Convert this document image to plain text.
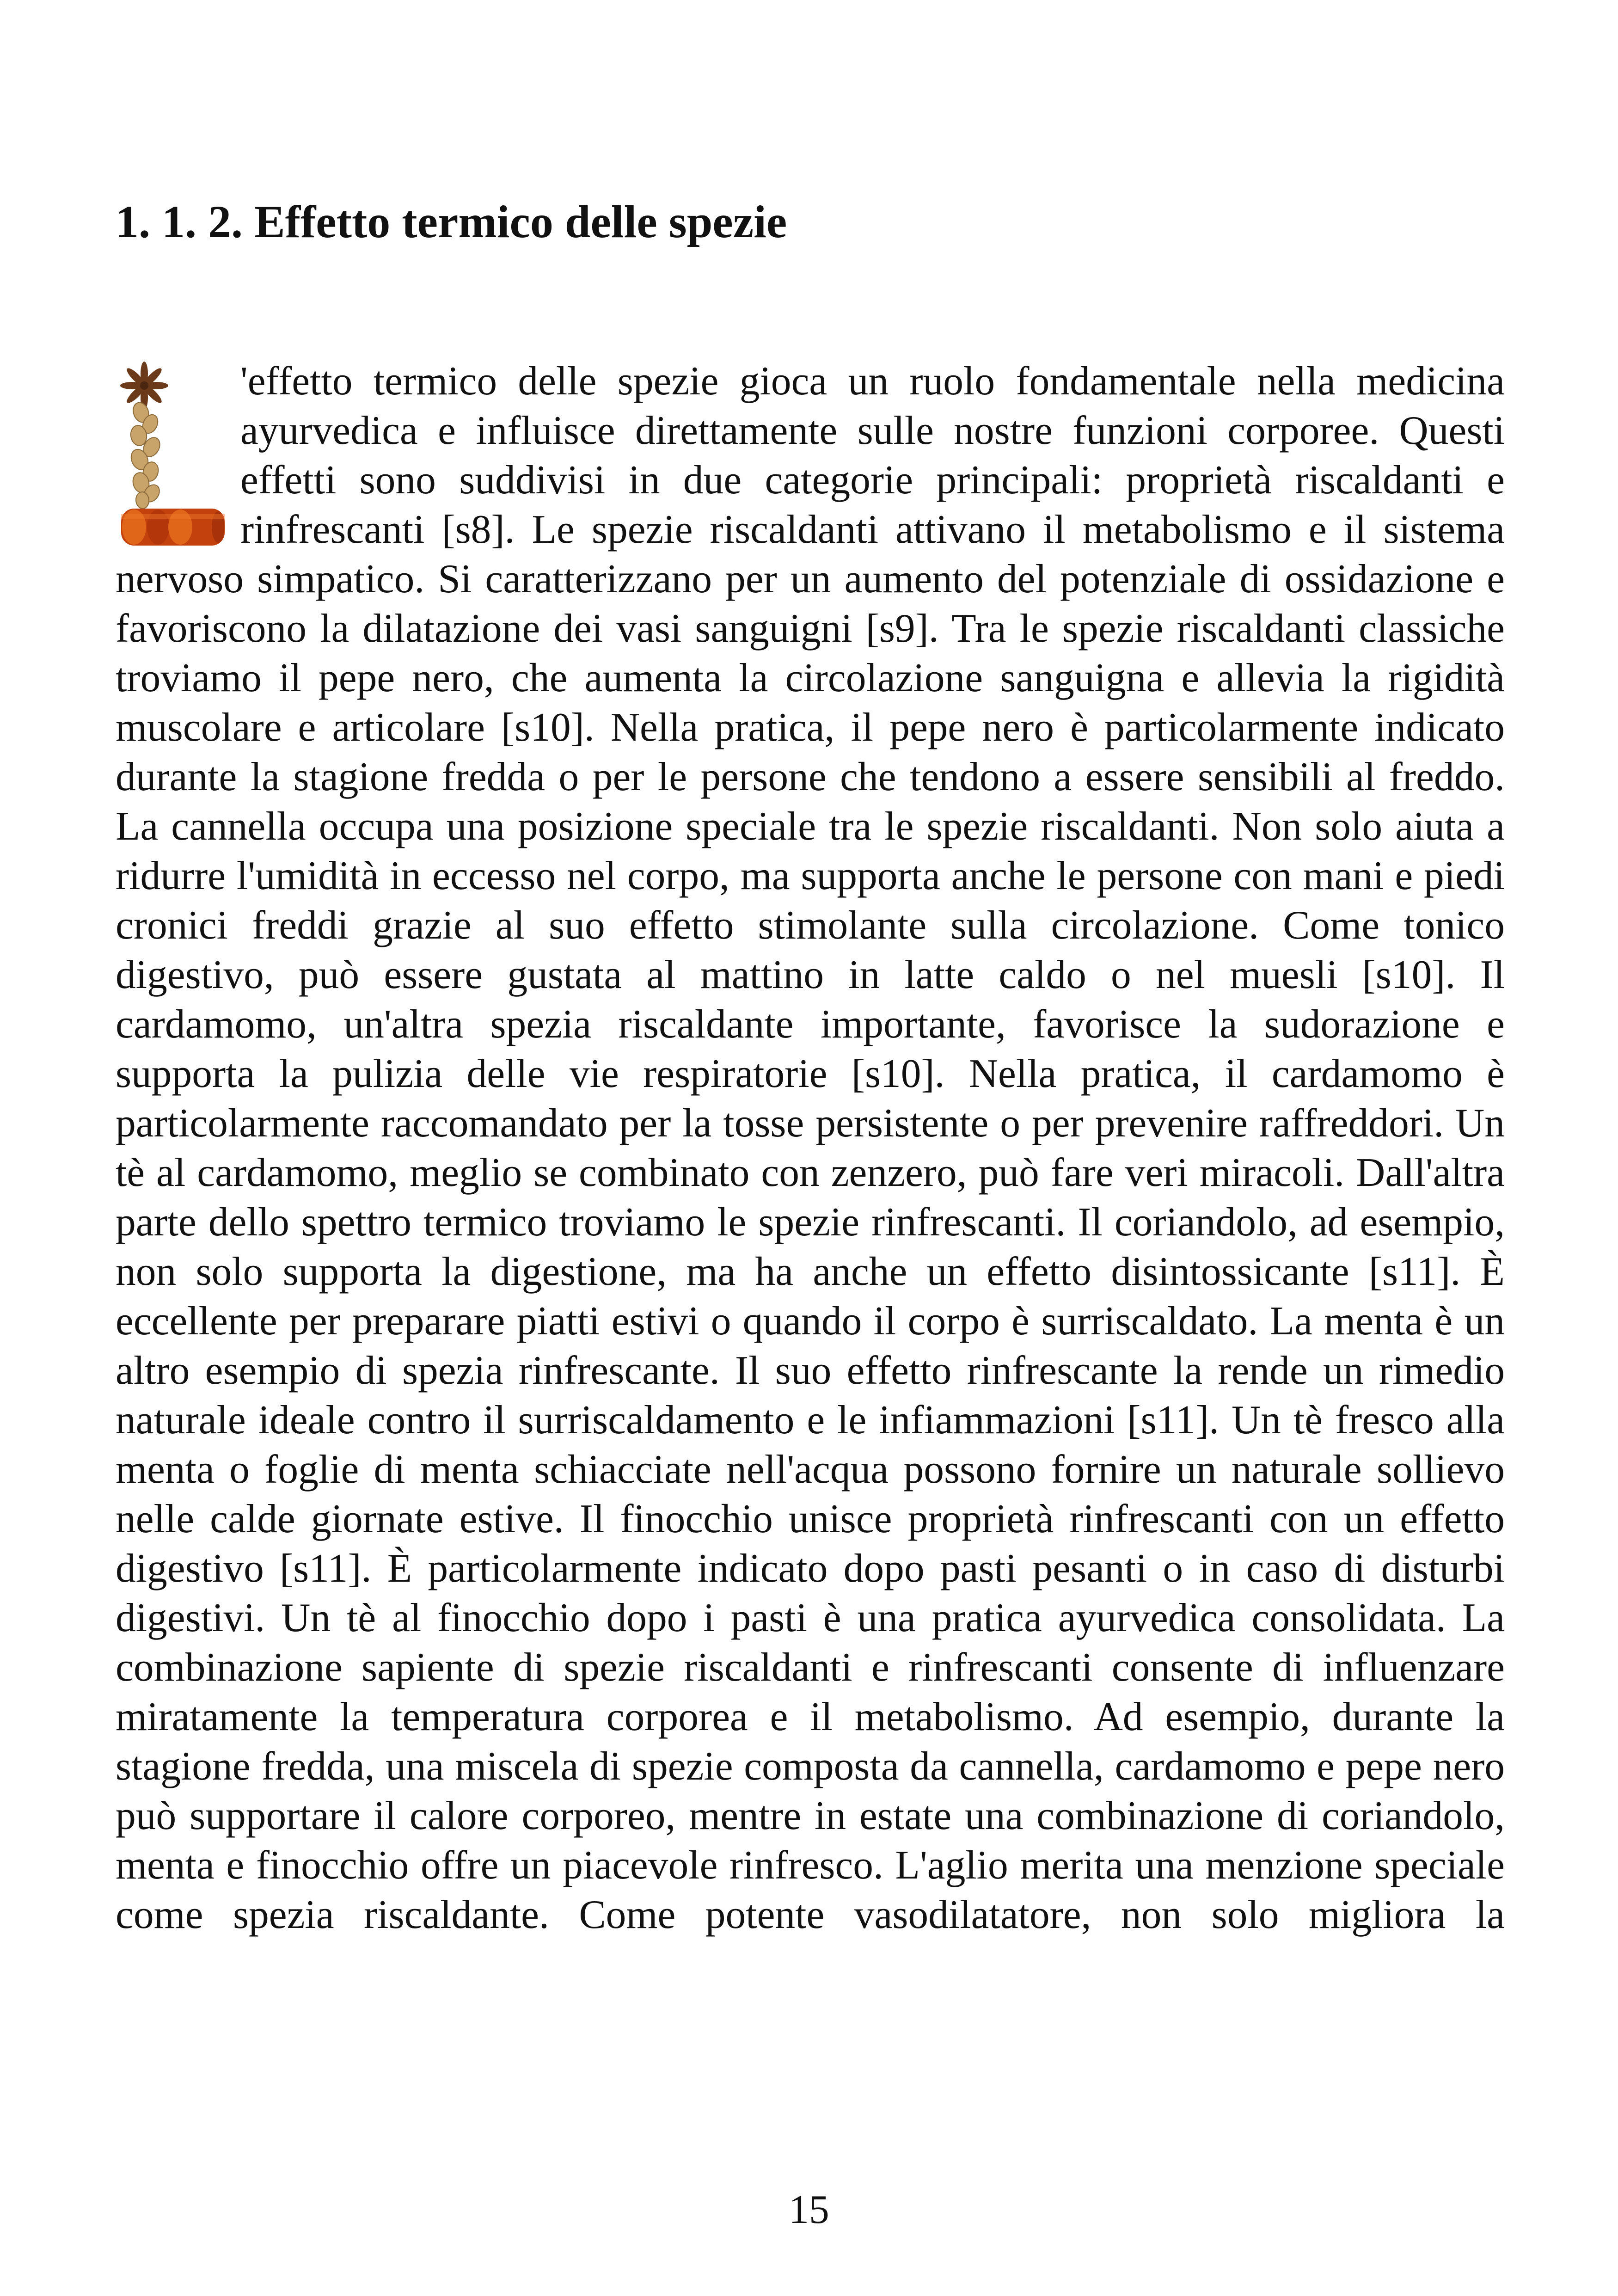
1. 1. 2. Effetto termico delle spezie

'effetto termico delle spezie gioca un ruolo fondamentale nella medicina ayurvedica e influisce direttamente sulle nostre funzioni corporee. Questi effetti sono suddivisi in due categorie principali: proprietà riscaldanti e rinfrescanti [s8]. Le spezie riscaldanti attivano il metabolismo e il sistema nervoso simpatico. Si caratterizzano per un aumento del potenziale di ossidazione e favoriscono la dilatazione dei vasi sanguigni [s9]. Tra le spezie riscaldanti classiche troviamo il pepe nero, che aumenta la circolazione sanguigna e allevia la rigidità muscolare e articolare [s10]. Nella pratica, il pepe nero è particolarmente indicato durante la stagione fredda o per le persone che tendono a essere sensibili al freddo. La cannella occupa una posizione speciale tra le spezie riscaldanti. Non solo aiuta a ridurre l'umidità in eccesso nel corpo, ma supporta anche le persone con mani e piedi cronici freddi grazie al suo effetto stimolante sulla circolazione. Come tonico digestivo, può essere gustata al mattino in latte caldo o nel muesli [s10]. Il cardamomo, un'altra spezia riscaldante importante, favorisce la sudorazione e supporta la pulizia delle vie respiratorie [s10]. Nella pratica, il cardamomo è particolarmente raccomandato per la tosse persistente o per prevenire raffreddori. Un tè al cardamomo, meglio se combinato con zenzero, può fare veri miracoli. Dall'altra parte dello spettro termico troviamo le spezie rinfrescanti. Il coriandolo, ad esempio, non solo supporta la digestione, ma ha anche un effetto disintossicante [s11]. È eccellente per preparare piatti estivi o quando il corpo è surriscaldato. La menta è un altro esempio di spezia rinfrescante. Il suo effetto rinfrescante la rende un rimedio naturale ideale contro il surriscaldamento e le infiammazioni [s11]. Un tè fresco alla menta o foglie di menta schiacciate nell'acqua possono fornire un naturale sollievo nelle calde giornate estive. Il finocchio unisce proprietà rinfrescanti con un effetto digestivo [s11]. È particolarmente indicato dopo pasti pesanti o in caso di disturbi digestivi. Un tè al finocchio dopo i pasti è una pratica ayurvedica consolidata. La combinazione sapiente di spezie riscaldanti e rinfrescanti consente di influenzare miratamente la temperatura corporea e il metabolismo. Ad esempio, durante la stagione fredda, una miscela di spezie composta da cannella, cardamomo e pepe nero può supportare il calore corporeo, mentre in estate una combinazione di coriandolo, menta e finocchio offre un piacevole rinfresco. L'aglio merita una menzione speciale come spezia riscaldante. Come potente vasodilatatore, non solo migliora la

15
